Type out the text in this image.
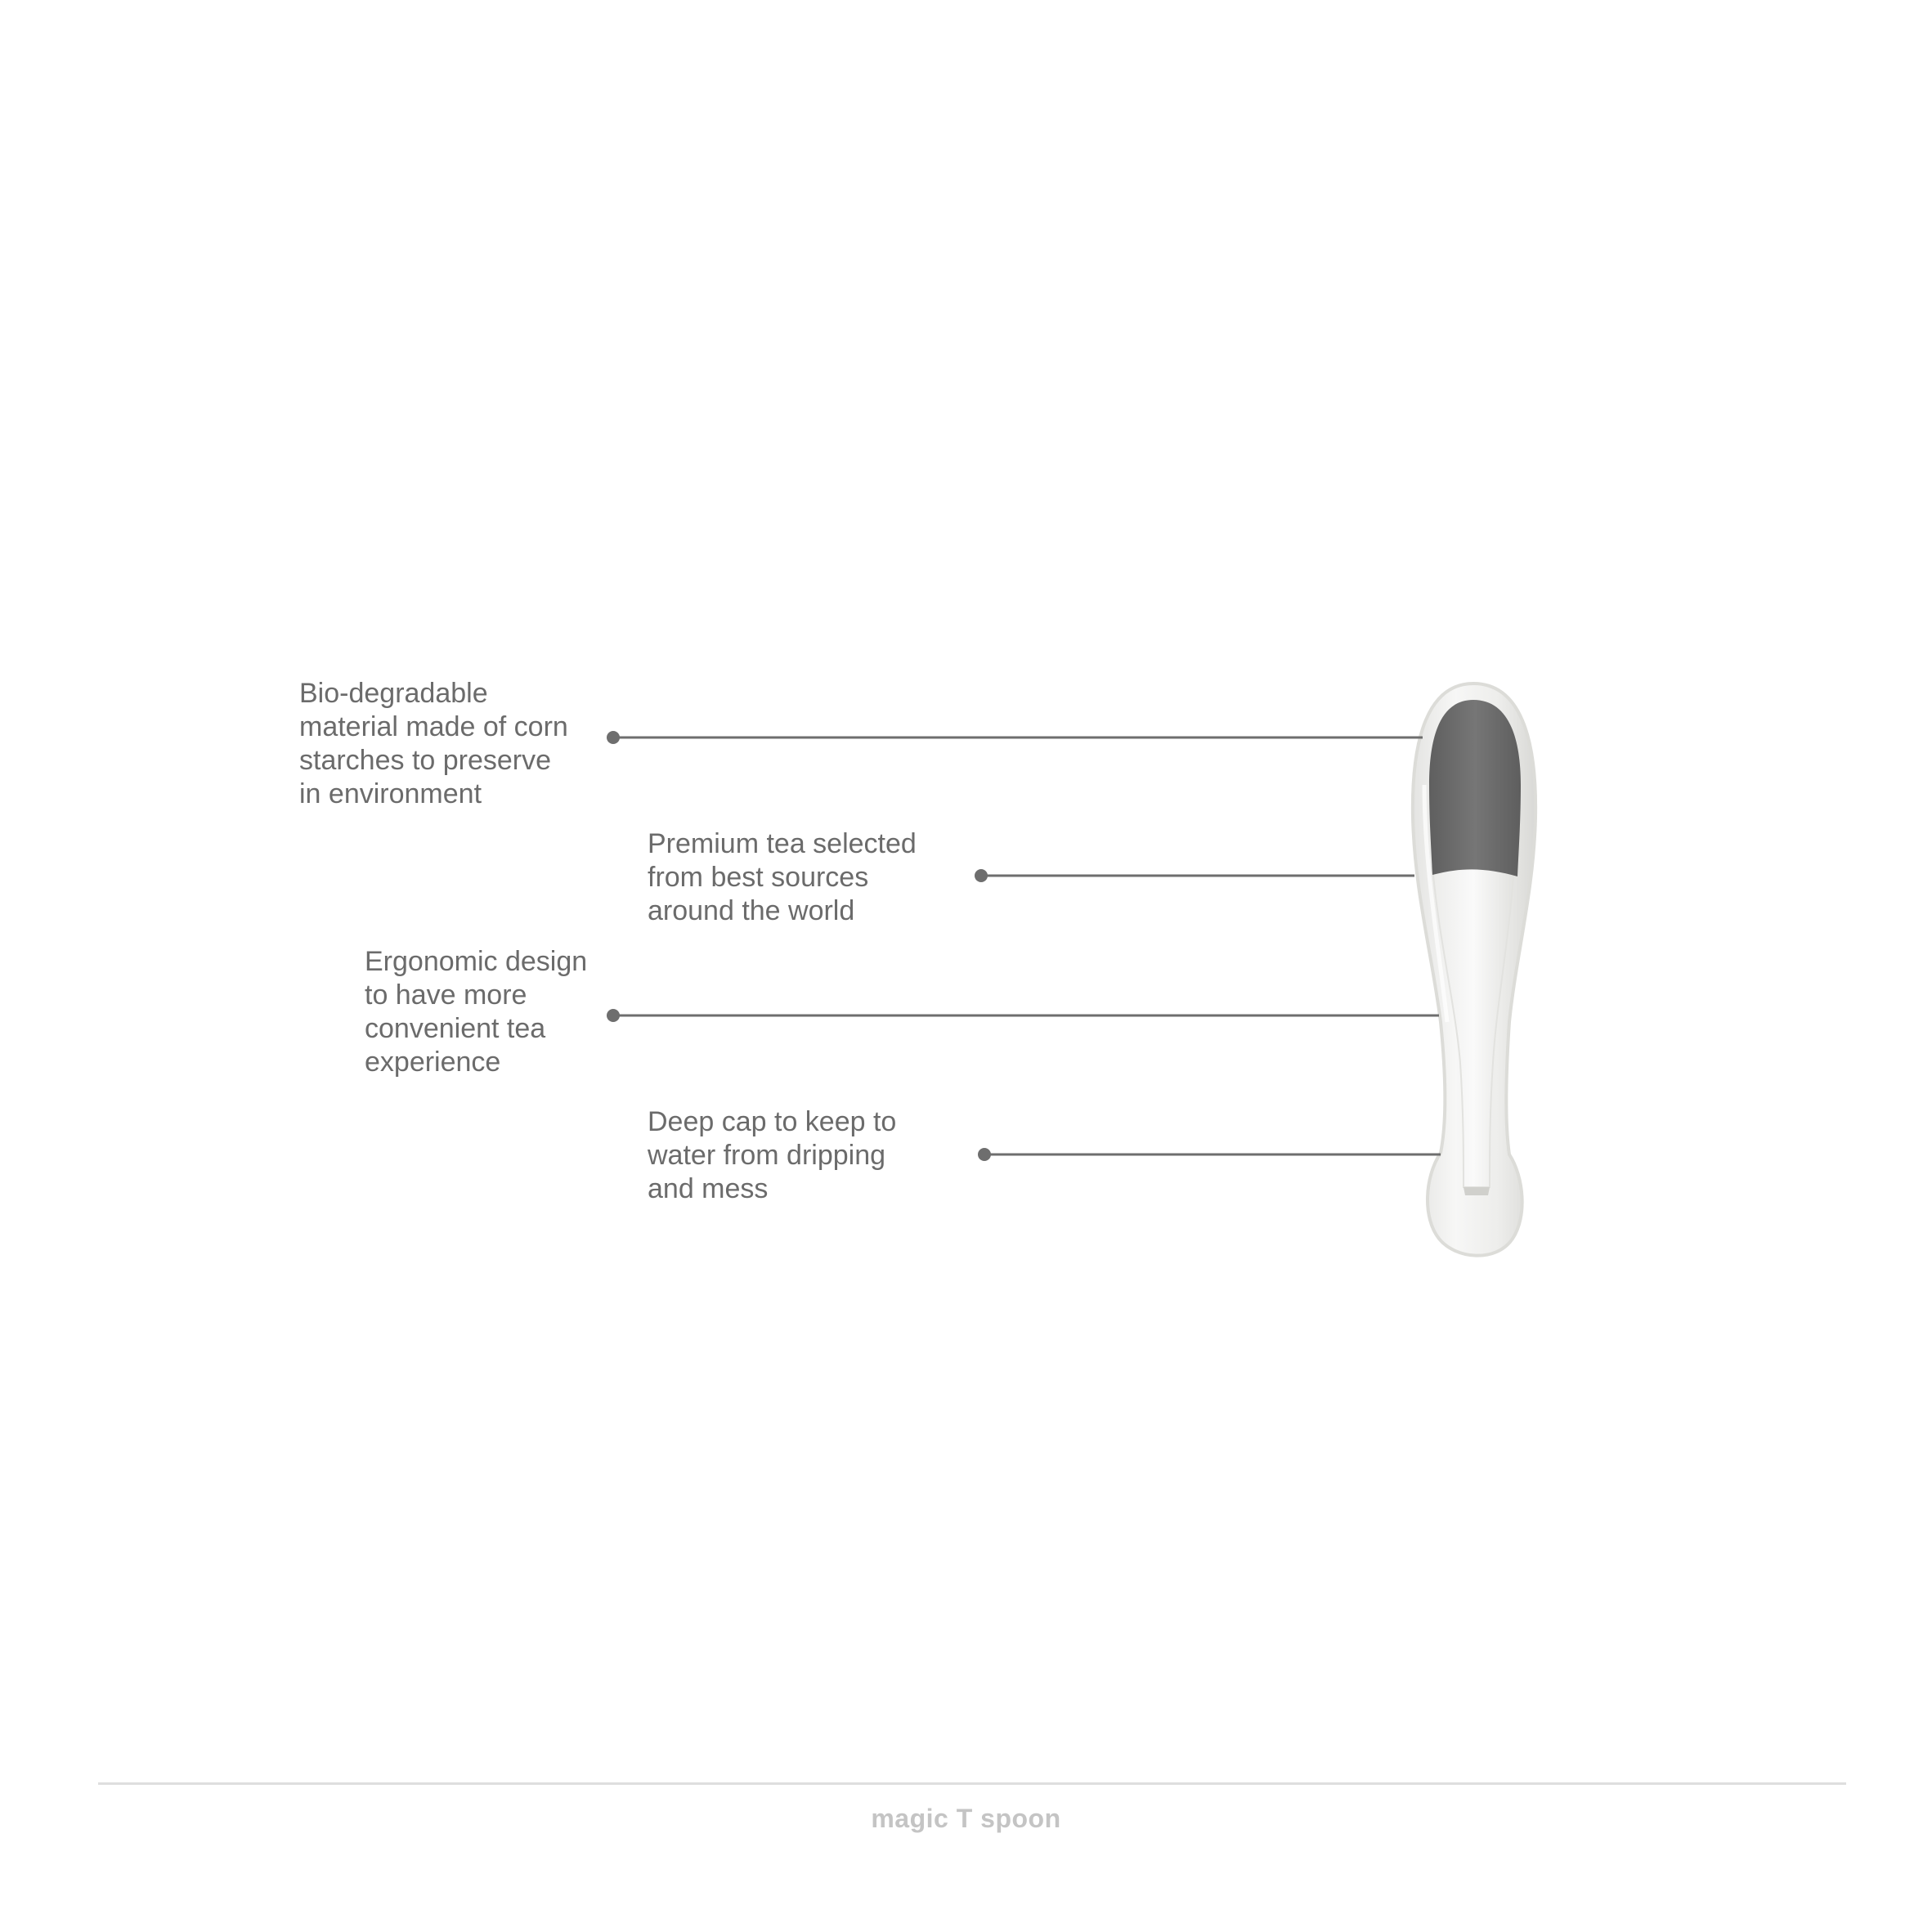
Bio-degradable
material made of corn
starches to preserve
in environment

Premium tea selected
from best sources
around the world

Ergonomic design
to have more
convenient tea
experience

Deep cap to keep to
water from dripping
and mess

magic T spoon
